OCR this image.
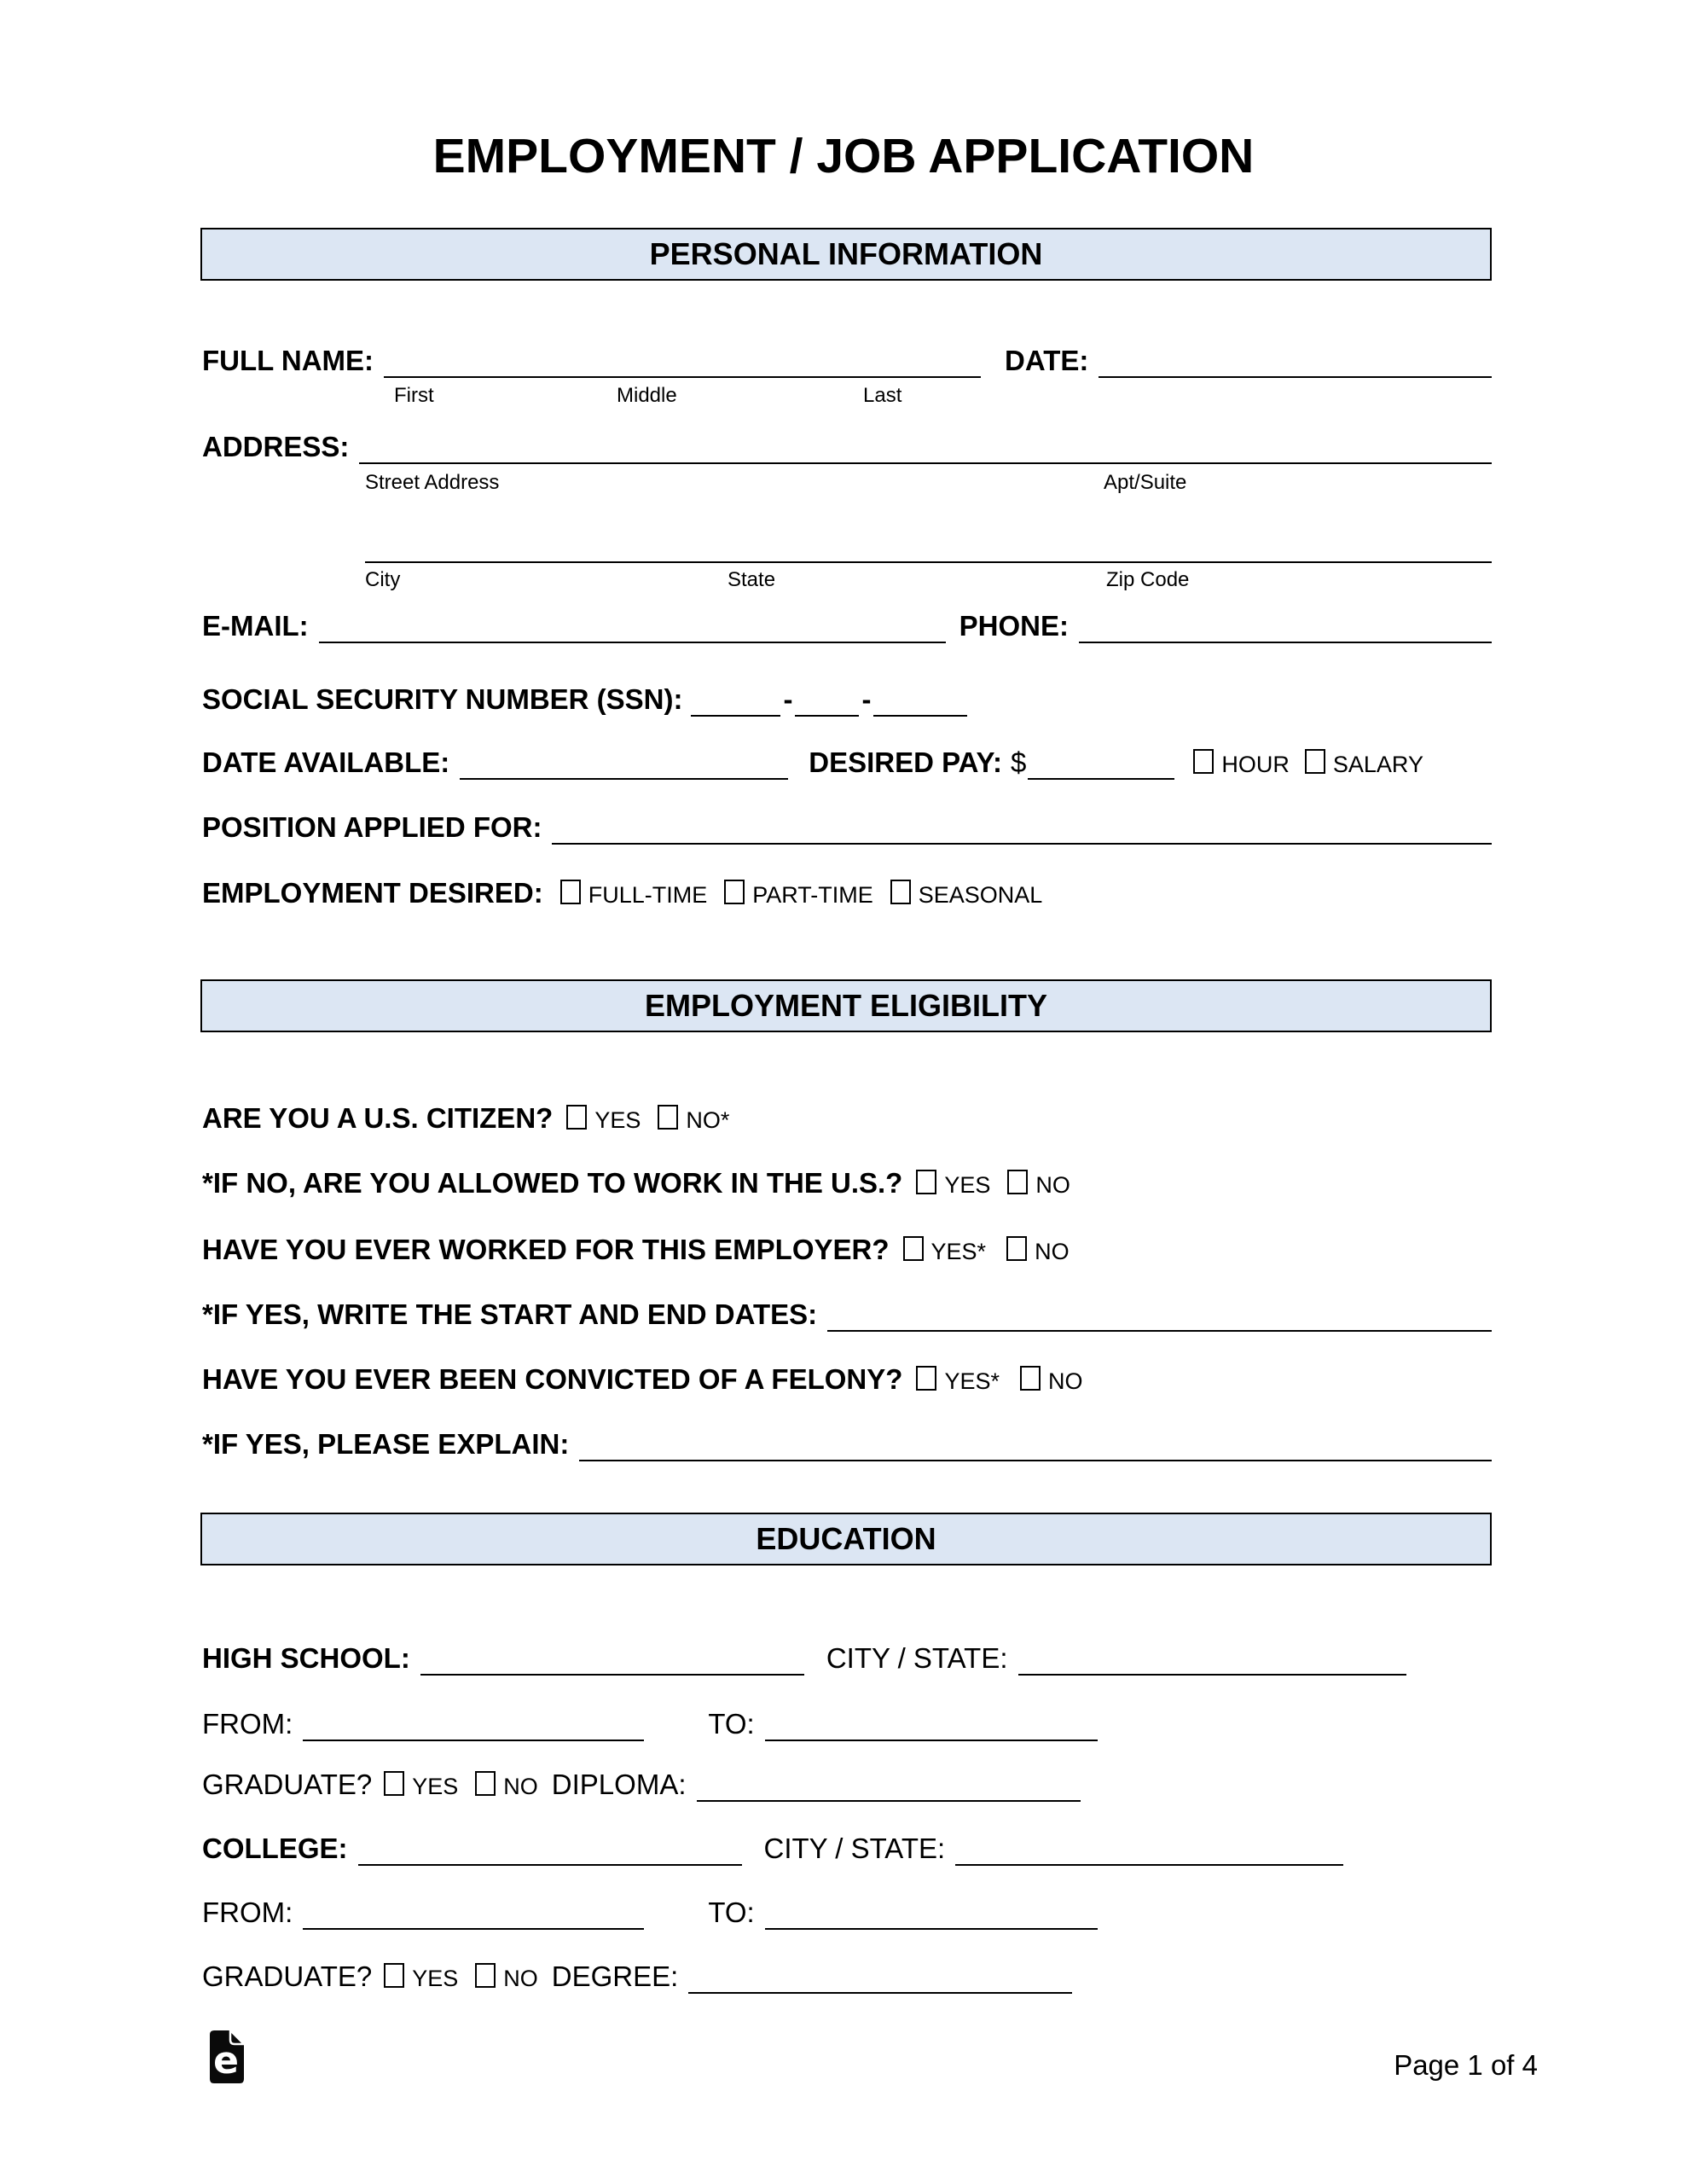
EMPLOYMENT / JOB APPLICATION
PERSONAL INFORMATION
FULL NAME:	DATE:
First	Middle	Last
ADDRESS:
Street Address	Apt/Suite
City	State	Zip Code
E-MAIL:	PHONE:
SOCIAL SECURITY NUMBER (SSN):	- -
DATE AVAILABLE:	DESIRED PAY: $	HOUR SALARY
POSITION APPLIED FOR:
EMPLOYMENT DESIRED: FULL-TIME PART-TIME SEASONAL
EMPLOYMENT ELIGIBILITY
ARE YOU A U.S. CITIZEN? YES NO*
*IF NO, ARE YOU ALLOWED TO WORK IN THE U.S.? YES NO
HAVE YOU EVER WORKED FOR THIS EMPLOYER? YES* NO
*IF YES, WRITE THE START AND END DATES:
HAVE YOU EVER BEEN CONVICTED OF A FELONY? YES* NO
*IF YES, PLEASE EXPLAIN:
EDUCATION
HIGH SCHOOL:	CITY / STATE:
FROM:	TO:
GRADUATE? YES NO DIPLOMA:
COLLEGE:	CITY / STATE:
FROM:	TO:
GRADUATE? YES NO DEGREE:
e	Page 1 of 4
